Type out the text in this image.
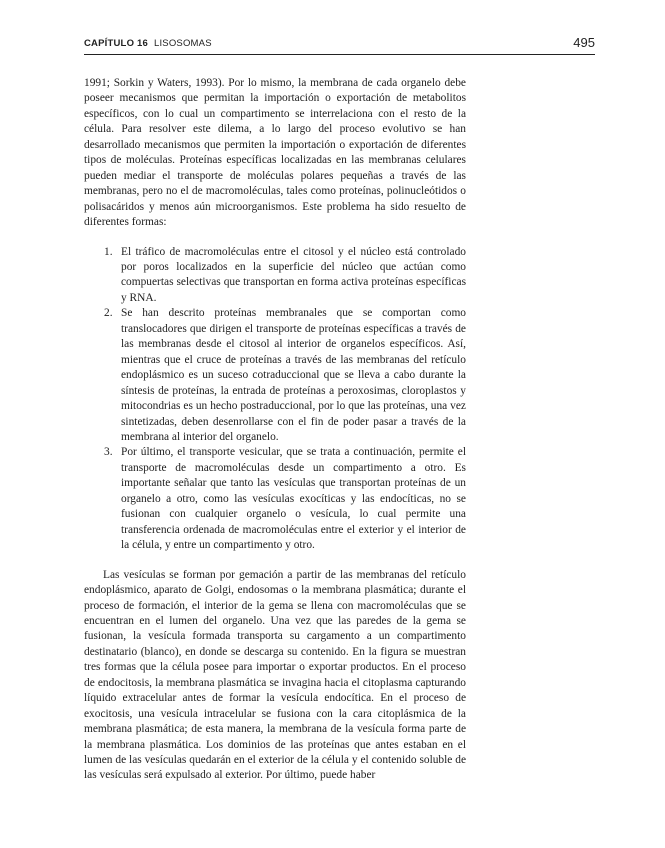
CAPÍTULO 16 LISOSOMAS	495

1991; Sorkin y Waters, 1993). Por lo mismo, la membrana de cada organelo debe poseer mecanismos que permitan la importación o exportación de metabolitos específicos, con lo cual un compartimento se interrelaciona con el resto de la célula. Para resolver este dilema, a lo largo del proceso evolutivo se han desarrollado mecanismos que permiten la importación o exportación de diferentes tipos de moléculas. Proteínas específicas localizadas en las membranas celulares pueden mediar el transporte de moléculas polares pequeñas a través de las membranas, pero no el de macromoléculas, tales como proteínas, polinucleótidos o polisacáridos y menos aún microorganismos. Este problema ha sido resuelto de diferentes formas:

1. El tráfico de macromoléculas entre el citosol y el núcleo está controlado por poros localizados en la superficie del núcleo que actúan como compuertas selectivas que transportan en forma activa proteínas específicas y RNA.
2. Se han descrito proteínas membranales que se comportan como translocadores que dirigen el transporte de proteínas específicas a través de las membranas desde el citosol al interior de organelos específicos. Así, mientras que el cruce de proteínas a través de las membranas del retículo endoplásmico es un suceso cotraduccional que se lleva a cabo durante la síntesis de proteínas, la entrada de proteínas a peroxosimas, cloroplastos y mitocondrias es un hecho postraduccional, por lo que las proteínas, una vez sintetizadas, deben desenrollarse con el fin de poder pasar a través de la membrana al interior del organelo.
3. Por último, el transporte vesicular, que se trata a continuación, permite el transporte de macromoléculas desde un compartimento a otro. Es importante señalar que tanto las vesículas que transportan proteínas de un organelo a otro, como las vesículas exocíticas y las endocíticas, no se fusionan con cualquier organelo o vesícula, lo cual permite una transferencia ordenada de macromoléculas entre el exterior y el interior de la célula, y entre un compartimento y otro.

Las vesículas se forman por gemación a partir de las membranas del retículo endoplásmico, aparato de Golgi, endosomas o la membrana plasmática; durante el proceso de formación, el interior de la gema se llena con macromoléculas que se encuentran en el lumen del organelo. Una vez que las paredes de la gema se fusionan, la vesícula formada transporta su cargamento a un compartimento destinatario (blanco), en donde se descarga su contenido. En la figura se muestran tres formas que la célula posee para importar o exportar productos. En el proceso de endocitosis, la membrana plasmática se invagina hacia el citoplasma capturando líquido extracelular antes de formar la vesícula endocítica. En el proceso de exocitosis, una vesícula intracelular se fusiona con la cara citoplásmica de la membrana plasmática; de esta manera, la membrana de la vesícula forma parte de la membrana plasmática. Los dominios de las proteínas que antes estaban en el lumen de las vesículas quedarán en el exterior de la célula y el contenido soluble de las vesículas será expulsado al exterior. Por último, puede haber
